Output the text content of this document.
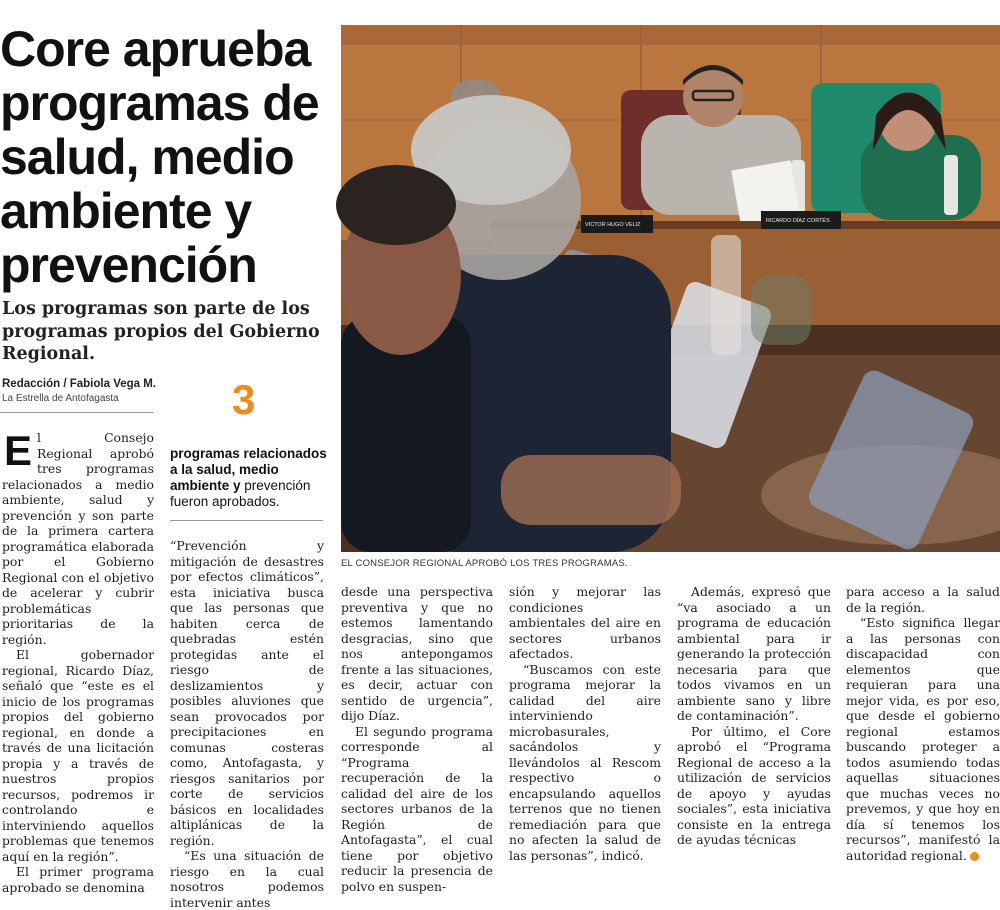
Core aprueba programas de salud, medio ambiente y prevención
Los programas son parte de los programas propios del Gobierno Regional.
Redacción / Fabiola Vega M.
La Estrella de Antofagasta	3
programas relacionados a la salud, medio ambiente y prevención fueron aprobados.
VICTOR HUGO VELIZ
RICARDO DÍAZ CORTÉS
EL CONSEJOR REGIONAL APROBÓ LOS TRES PROGRAMAS.

El Consejo Regional aprobó tres programas relacionados a medio ambiente, salud y prevención y son parte de la primera cartera programática elaborada por el Gobierno Regional con el objetivo de acelerar y cubrir problemáticas prioritarias de la región.

El gobernador regional, Ricardo Díaz, señaló que “este es el inicio de los programas propios del gobierno regional, en donde a través de una licitación propia y a través de nuestros propios recursos, podremos ir controlando e interviniendo aquellos problemas que tenemos aquí en la región”.

El primer programa aprobado se denomina

“Prevención y mitigación de desastres por efectos climáticos”, esta iniciativa busca que las personas que habiten cerca de quebradas estén protegidas ante el riesgo de deslizamientos y posibles aluviones que sean provocados por precipitaciones en comunas costeras como, Antofagasta, y riesgos sanitarios por corte de servicios básicos en localidades altiplánicas de la región.

“Es una situación de riesgo en la cual nosotros podemos intervenir antes

desde una perspectiva preventiva y que no estemos lamentando desgracias, sino que nos antepongamos frente a las situaciones, es decir, actuar con sentido de urgencia”, dijo Díaz.

El segundo programa corresponde al “Programa recuperación de la calidad del aire de los sectores urbanos de la Región de Antofagasta”, el cual tiene por objetivo reducir la presencia de polvo en suspen-

sión y mejorar las condiciones ambientales del aire en sectores urbanos afectados.

“Buscamos con este programa mejorar la calidad del aire interviniendo microbasurales, sacándolos y llevándolos al Rescom respectivo o encapsulando aquellos terrenos que no tienen remediación para que no afecten la salud de las personas”, indicó.

Además, expresó que “va asociado a un programa de educación ambiental para ir generando la protección necesaria para que todos vivamos en un ambiente sano y libre de contaminación”.

Por último, el Core aprobó el “Programa Regional de acceso a la utilización de servicios de apoyo y ayudas sociales”, esta iniciativa consiste en la entrega de ayudas técnicas

para acceso a la salud de la región.

“Esto significa llegar a las personas con discapacidad con elementos que requieran para una mejor vida, es por eso, que desde el gobierno regional estamos buscando proteger a todos asumiendo todas aquellas situaciones que muchas veces no prevemos, y que hoy en día sí tenemos los recursos”, manifestó la autoridad regional.
